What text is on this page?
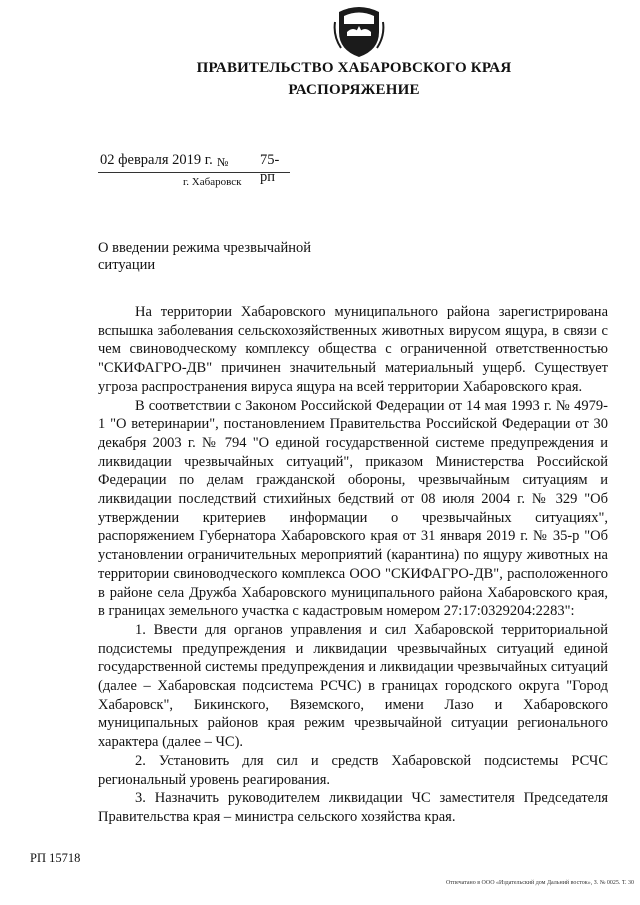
ПРАВИТЕЛЬСТВО ХАБАРОВСКОГО КРАЯ
РАСПОРЯЖЕНИЕ
02 февраля 2019 г. № 75-рп
г. Хабаровск
О введении режима чрезвычайной ситуации

На территории Хабаровского муниципального района зарегистрирована вспышка заболевания сельскохозяйственных животных вирусом ящура, в связи с чем свиноводческому комплексу общества с ограниченной ответственностью "СКИФАГРО-ДВ" причинен значительный материальный ущерб. Существует угроза распространения вируса ящура на всей территории Хабаровского края.

В соответствии с Законом Российской Федерации от 14 мая 1993 г. № 4979-1 "О ветеринарии", постановлением Правительства Российской Федерации от 30 декабря 2003 г. № 794 "О единой государственной системе предупреждения и ликвидации чрезвычайных ситуаций", приказом Министерства Российской Федерации по делам гражданской обороны, чрезвычайным ситуациям и ликвидации последствий стихийных бедствий от 08 июля 2004 г. № 329 "Об утверждении критериев информации о чрезвычайных ситуациях", распоряжением Губернатора Хабаровского края от 31 января 2019 г. № 35-р "Об установлении ограничительных мероприятий (карантина) по ящуру животных на территории свиноводческого комплекса ООО "СКИФАГРО-ДВ", расположенного в районе села Дружба Хабаровского муниципального района Хабаровского края, в границах земельного участка с кадастровым номером 27:17:0329204:2283":

1. Ввести для органов управления и сил Хабаровской территориальной подсистемы предупреждения и ликвидации чрезвычайных ситуаций единой государственной системы предупреждения и ликвидации чрезвычайных ситуаций (далее – Хабаровская подсистема РСЧС) в границах городского округа "Город Хабаровск", Бикинского, Вяземского, имени Лазо и Хабаровского муниципальных районов края режим чрезвычайной ситуации регионального характера (далее – ЧС).

2. Установить для сил и средств Хабаровской подсистемы РСЧС региональный уровень реагирования.

3. Назначить руководителем ликвидации ЧС заместителя Председателя Правительства края – министра сельского хозяйства края.

РП 15718
Отпечатано в ООО «Издательский дом Дальний восток», З. № 0025. Т. 30
